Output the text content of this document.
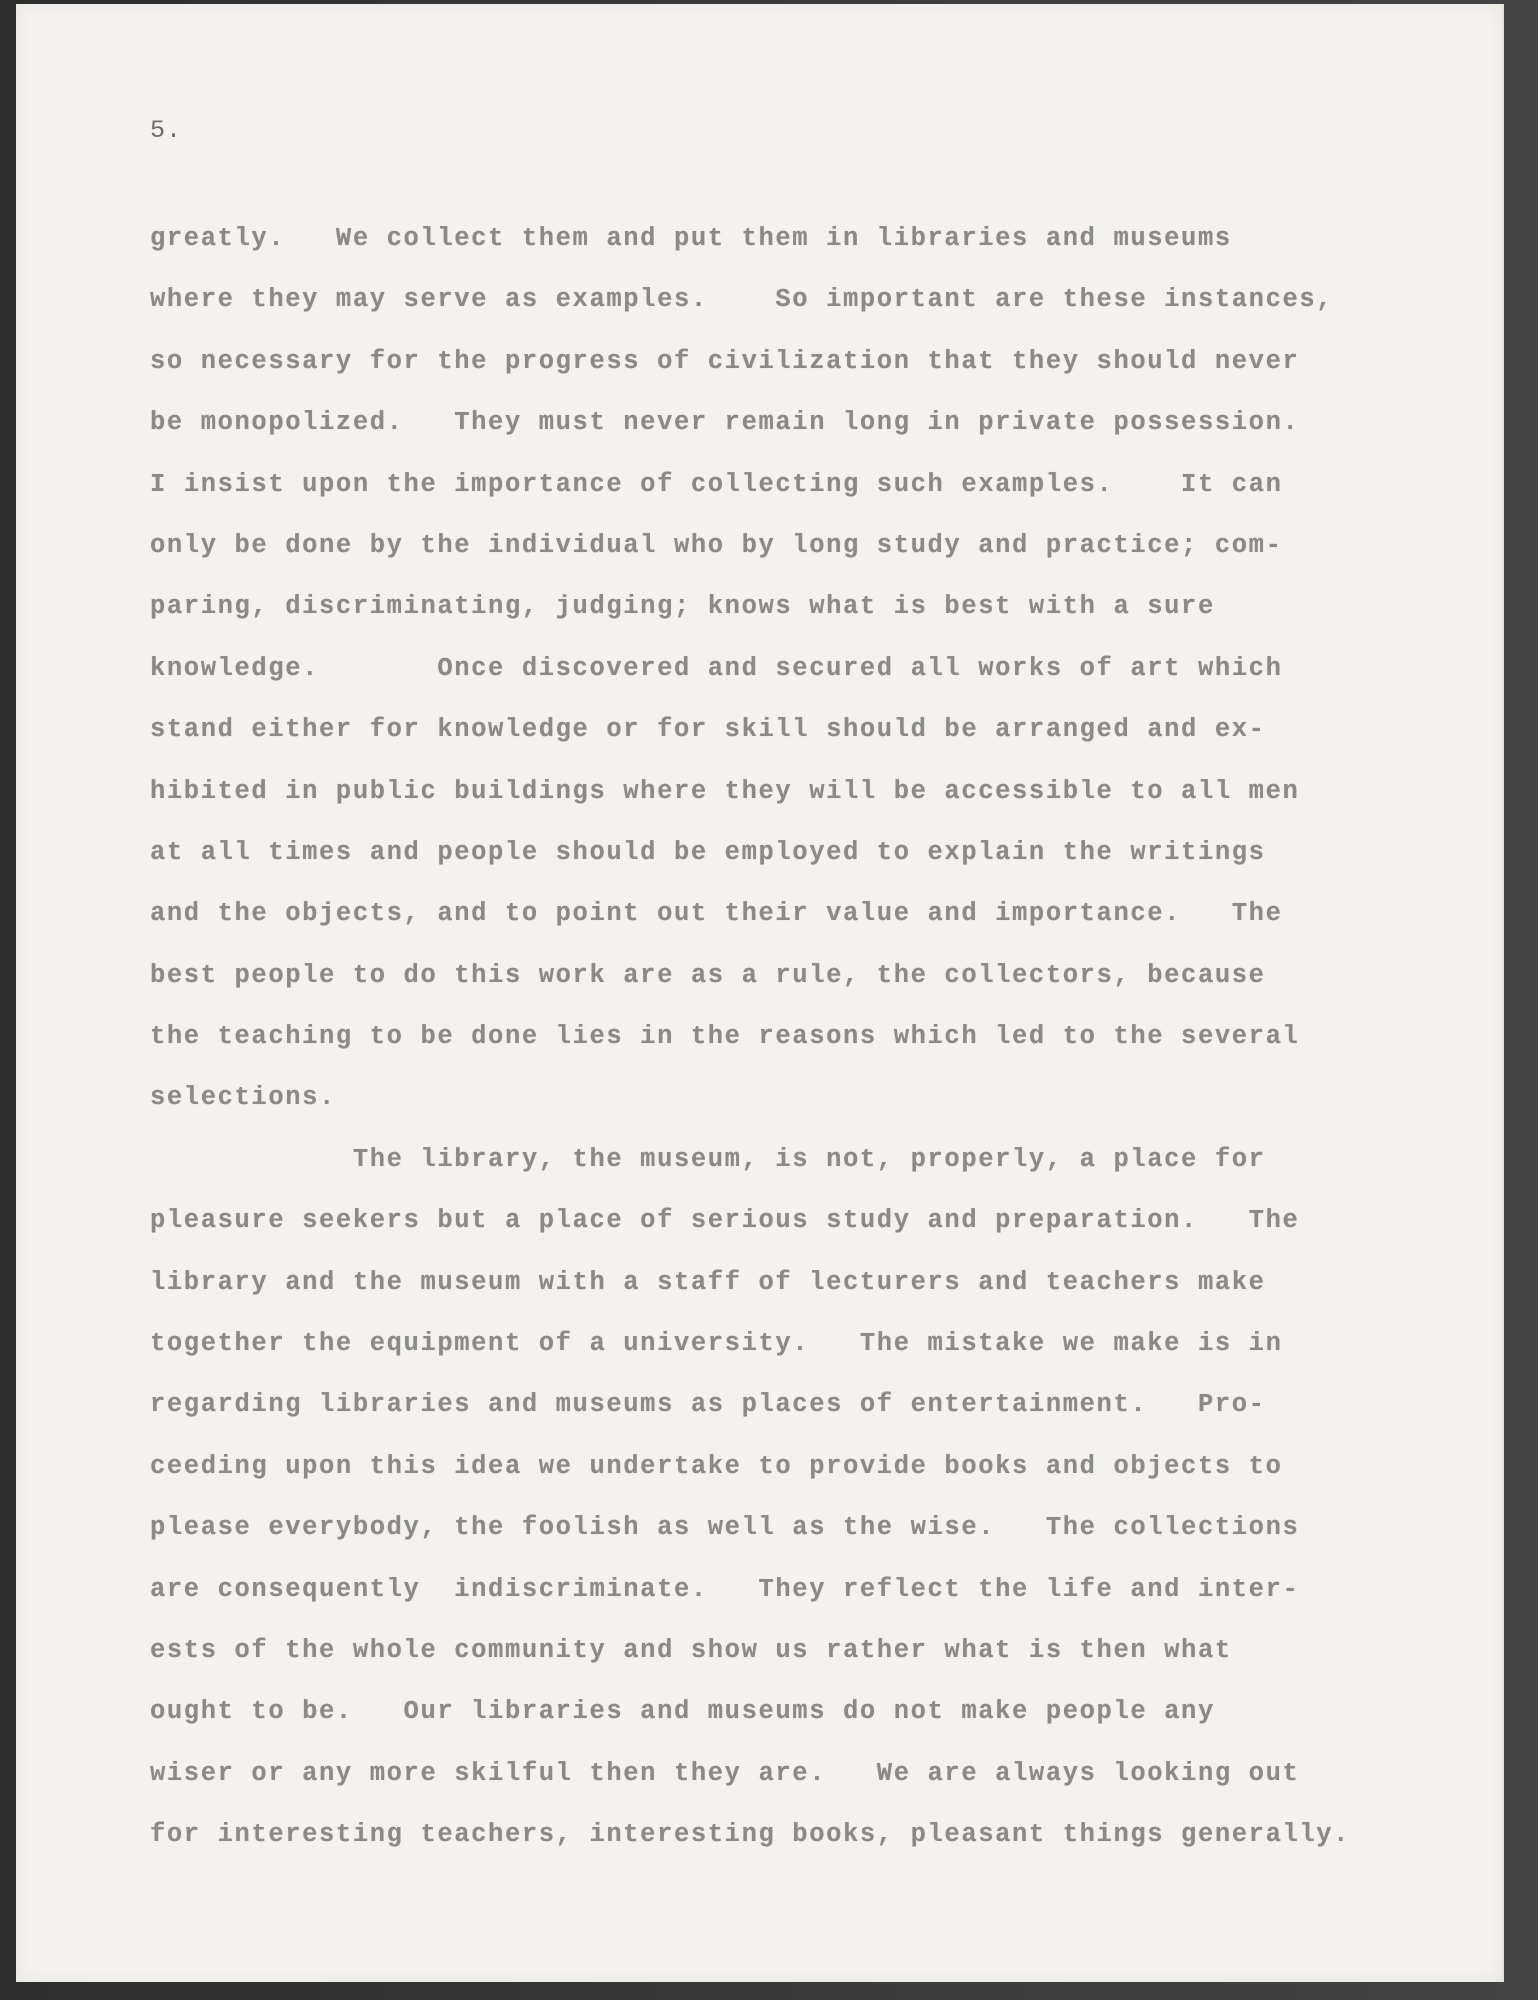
5.
greatly.   We collect them and put them in libraries and museums
where they may serve as examples.    So important are these instances,
so necessary for the progress of civilization that they should never
be monopolized.   They must never remain long in private possession.
I insist upon the importance of collecting such examples.    It can
only be done by the individual who by long study and practice; com-
paring, discriminating, judging; knows what is best with a sure
knowledge.       Once discovered and secured all works of art which
stand either for knowledge or for skill should be arranged and ex-
hibited in public buildings where they will be accessible to all men
at all times and people should be employed to explain the writings
and the objects, and to point out their value and importance.   The
best people to do this work are as a rule, the collectors, because
the teaching to be done lies in the reasons which led to the several
selections.
The library, the museum, is not, properly, a place for
pleasure seekers but a place of serious study and preparation.   The
library and the museum with a staff of lecturers and teachers make
together the equipment of a university.   The mistake we make is in
regarding libraries and museums as places of entertainment.   Pro-
ceeding upon this idea we undertake to provide books and objects to
please everybody, the foolish as well as the wise.   The collections
are consequently  indiscriminate.   They reflect the life and inter-
ests of the whole community and show us rather what is then what
ought to be.   Our libraries and museums do not make people any
wiser or any more skilful then they are.   We are always looking out
for interesting teachers, interesting books, pleasant things generally.
